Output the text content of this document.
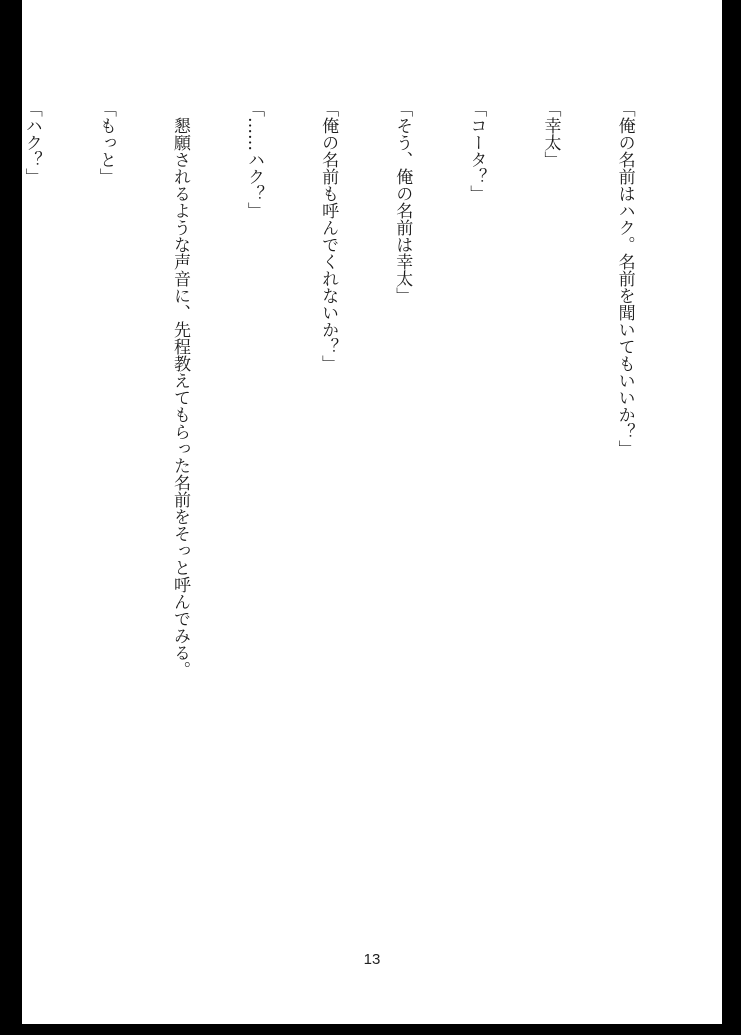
「俺の名前はハク。名前を聞いてもいいか？」

「幸太」

「コータ？」

「そう、俺の名前は幸太」

「俺の名前も呼んでくれないか？」

「……ハク？」

　懇願されるような声音に、先程教えてもらった名前をそっと呼んでみる。

「もっと」

「ハク？」

13
